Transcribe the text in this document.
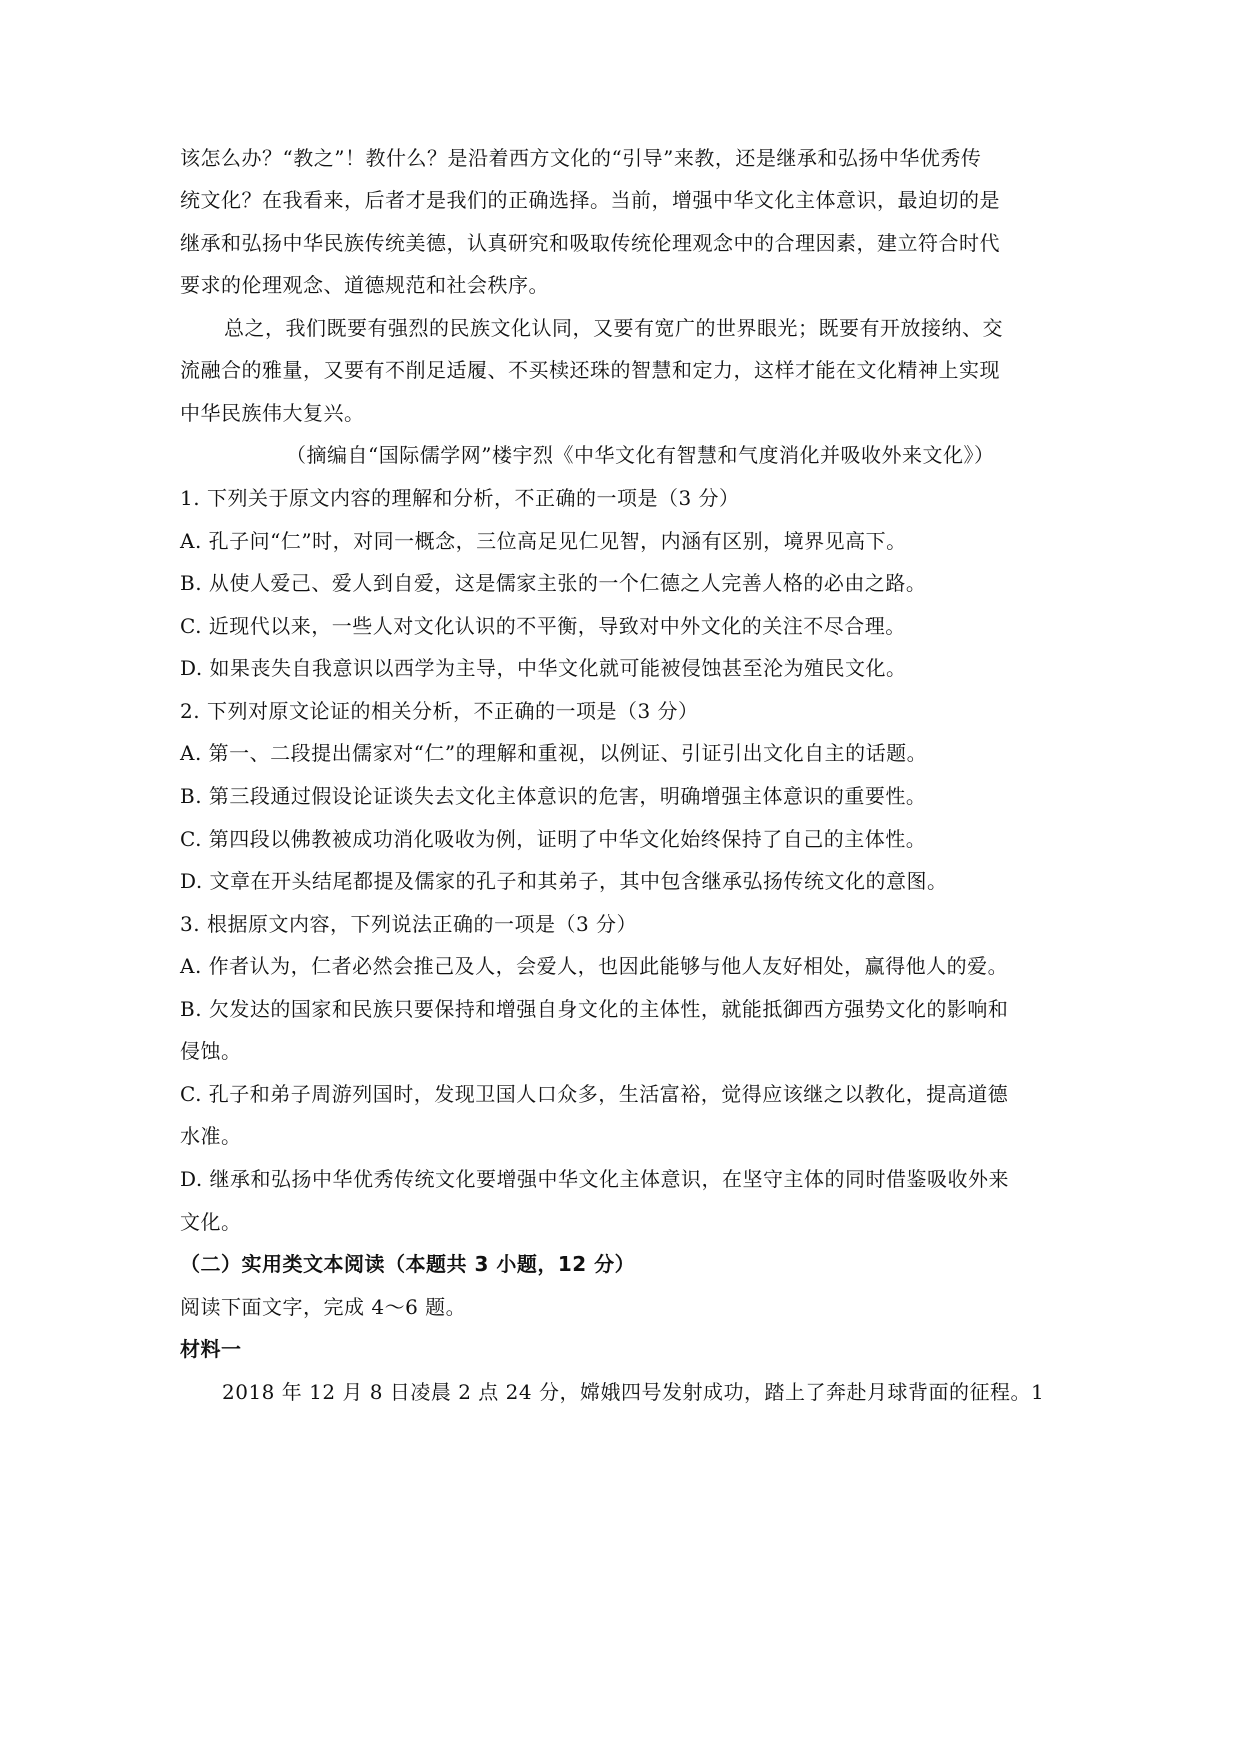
该怎么办？“教之”！教什么？是沿着西方文化的“引导”来教，还是继承和弘扬中华优秀传
统文化？在我看来，后者才是我们的正确选择。当前，增强中华文化主体意识，最迫切的是
继承和弘扬中华民族传统美德，认真研究和吸取传统伦理观念中的合理因素，建立符合时代
要求的伦理观念、道德规范和社会秩序。
总之，我们既要有强烈的民族文化认同，又要有宽广的世界眼光；既要有开放接纳、交
流融合的雅量，又要有不削足适履、不买椟还珠的智慧和定力，这样才能在文化精神上实现
中华民族伟大复兴。
（摘编自“国际儒学网”楼宇烈《中华文化有智慧和气度消化并吸收外来文化》）
1. 下列关于原文内容的理解和分析，不正确的一项是（3 分）
A. 孔子问“仁”时，对同一概念，三位高足见仁见智，内涵有区别，境界见高下。
B. 从使人爱己、爱人到自爱，这是儒家主张的一个仁德之人完善人格的必由之路。
C. 近现代以来，一些人对文化认识的不平衡，导致对中外文化的关注不尽合理。
D. 如果丧失自我意识以西学为主导，中华文化就可能被侵蚀甚至沦为殖民文化。
2. 下列对原文论证的相关分析，不正确的一项是（3 分）
A. 第一、二段提出儒家对“仁”的理解和重视，以例证、引证引出文化自主的话题。
B. 第三段通过假设论证谈失去文化主体意识的危害，明确增强主体意识的重要性。
C. 第四段以佛教被成功消化吸收为例，证明了中华文化始终保持了自己的主体性。
D. 文章在开头结尾都提及儒家的孔子和其弟子，其中包含继承弘扬传统文化的意图。
3. 根据原文内容，下列说法正确的一项是（3 分）
A. 作者认为，仁者必然会推己及人，会爱人，也因此能够与他人友好相处，赢得他人的爱。
B. 欠发达的国家和民族只要保持和增强自身文化的主体性，就能抵御西方强势文化的影响和
侵蚀。
C. 孔子和弟子周游列国时，发现卫国人口众多，生活富裕，觉得应该继之以教化，提高道德
水准。
D. 继承和弘扬中华优秀传统文化要增强中华文化主体意识，在坚守主体的同时借鉴吸收外来
文化。
（二）实用类文本阅读（本题共 3 小题，12 分）
阅读下面文字，完成 4～6 题。
材料一
2018 年 12 月 8 日凌晨 2 点 24 分，嫦娥四号发射成功，踏上了奔赴月球背面的征程。1
